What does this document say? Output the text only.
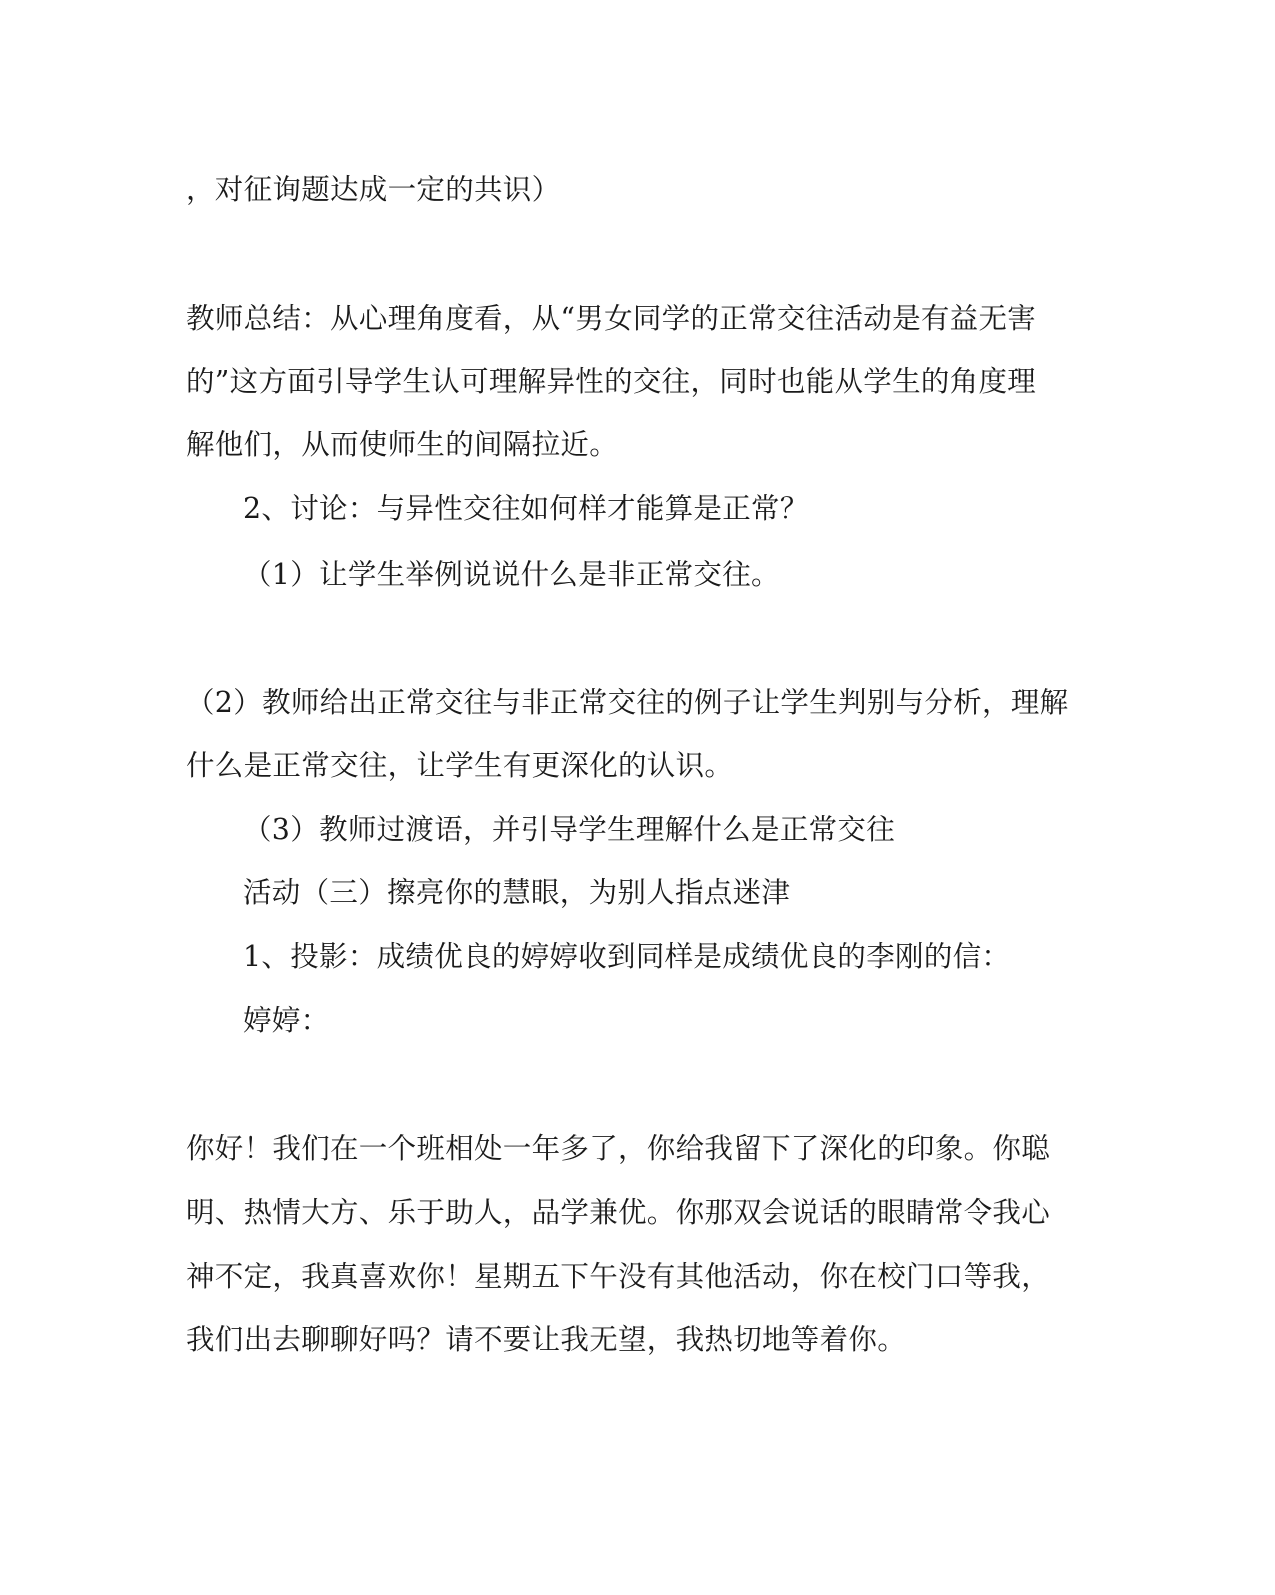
，对征询题达成一定的共识）
教师总结：从心理角度看，从“男女同学的正常交往活动是有益无害
的”这方面引导学生认可理解异性的交往，同时也能从学生的角度理
解他们，从而使师生的间隔拉近。
2、讨论：与异性交往如何样才能算是正常？
（1）让学生举例说说什么是非正常交往。
（2）教师给出正常交往与非正常交往的例子让学生判别与分析，理解
什么是正常交往，让学生有更深化的认识。
（3）教师过渡语，并引导学生理解什么是正常交往
活动（三）擦亮你的慧眼，为别人指点迷津
1、投影：成绩优良的婷婷收到同样是成绩优良的李刚的信：
婷婷：
你好！我们在一个班相处一年多了，你给我留下了深化的印象。你聪
明、热情大方、乐于助人，品学兼优。你那双会说话的眼睛常令我心
神不定，我真喜欢你！星期五下午没有其他活动，你在校门口等我，
我们出去聊聊好吗？请不要让我无望，我热切地等着你。
